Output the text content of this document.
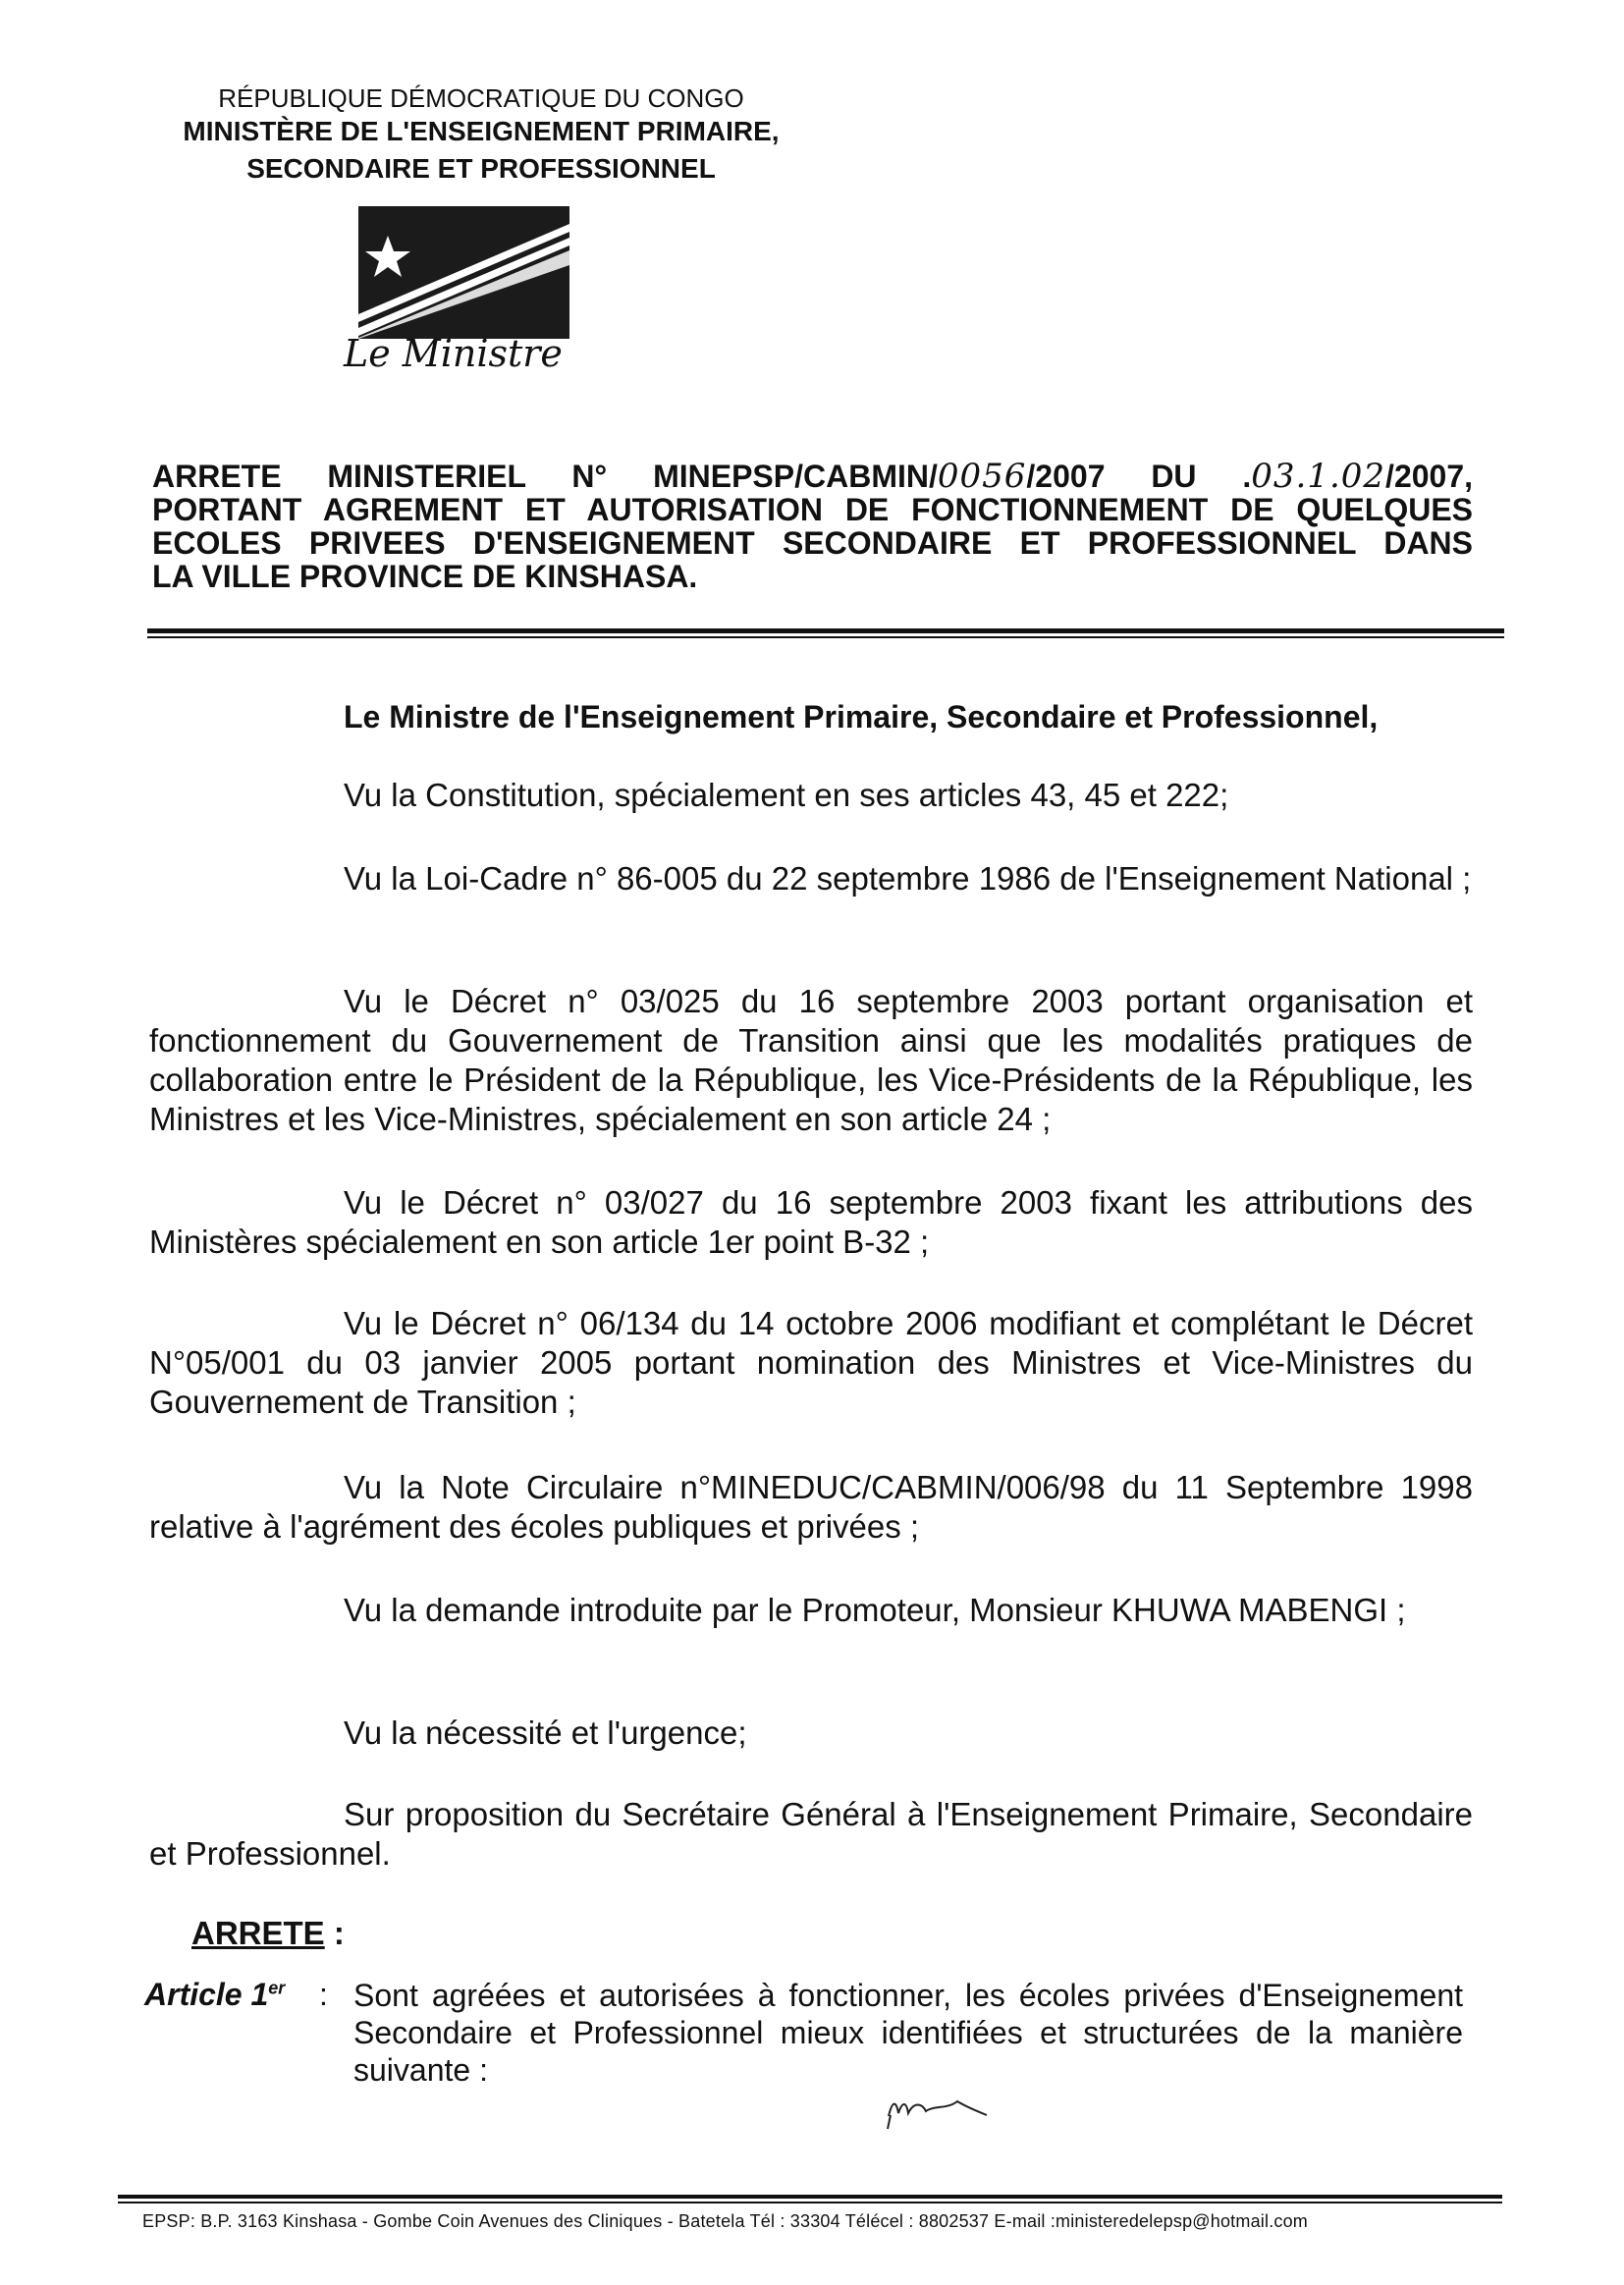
RÉPUBLIQUE DÉMOCRATIQUE DU CONGO
MINISTÈRE DE L'ENSEIGNEMENT PRIMAIRE,
SECONDAIRE ET PROFESSIONNEL
Le Ministre
ARRETE MINISTERIEL N° MINEPSP/CABMIN/0056/2007 DU .03.1.02/2007,
PORTANT AGREMENT ET AUTORISATION DE FONCTIONNEMENT DE QUELQUES
ECOLES PRIVEES D'ENSEIGNEMENT SECONDAIRE ET PROFESSIONNEL DANS
LA VILLE PROVINCE DE KINSHASA.
Le Ministre de l'Enseignement Primaire, Secondaire et Professionnel,
Vu la Constitution, spécialement en ses articles 43, 45 et 222;
Vu la Loi-Cadre n° 86-005 du 22 septembre 1986 de l'Enseignement National ;
Vu le Décret n° 03/025 du 16 septembre 2003 portant organisation et fonctionnement du Gouvernement de Transition ainsi que les modalités pratiques de collaboration entre le Président de la République, les Vice-Présidents de la République, les Ministres et les Vice-Ministres, spécialement en son article 24 ;
Vu le Décret n° 03/027 du 16 septembre 2003 fixant les attributions des Ministères spécialement en son article 1er point B-32 ;
Vu le Décret n° 06/134 du 14 octobre 2006 modifiant et complétant le Décret N°05/001 du 03 janvier 2005 portant nomination des Ministres et Vice-Ministres du Gouvernement de Transition ;
Vu la Note Circulaire n°MINEDUC/CABMIN/006/98 du 11 Septembre 1998 relative à l'agrément des écoles publiques et privées ;
Vu la demande introduite par le Promoteur, Monsieur KHUWA MABENGI ;
Vu la nécessité et l'urgence;
Sur proposition du Secrétaire Général à l'Enseignement Primaire, Secondaire et Professionnel.
ARRETE :
Article 1er : Sont agréées et autorisées à fonctionner, les écoles privées d'Enseignement Secondaire et Professionnel mieux identifiées et structurées de la manière suivante :
EPSP: B.P. 3163 Kinshasa - Gombe Coin Avenues des Cliniques - Batetela Tél : 33304 Télécel : 8802537 E-mail :ministeredelepsp@hotmail.com
